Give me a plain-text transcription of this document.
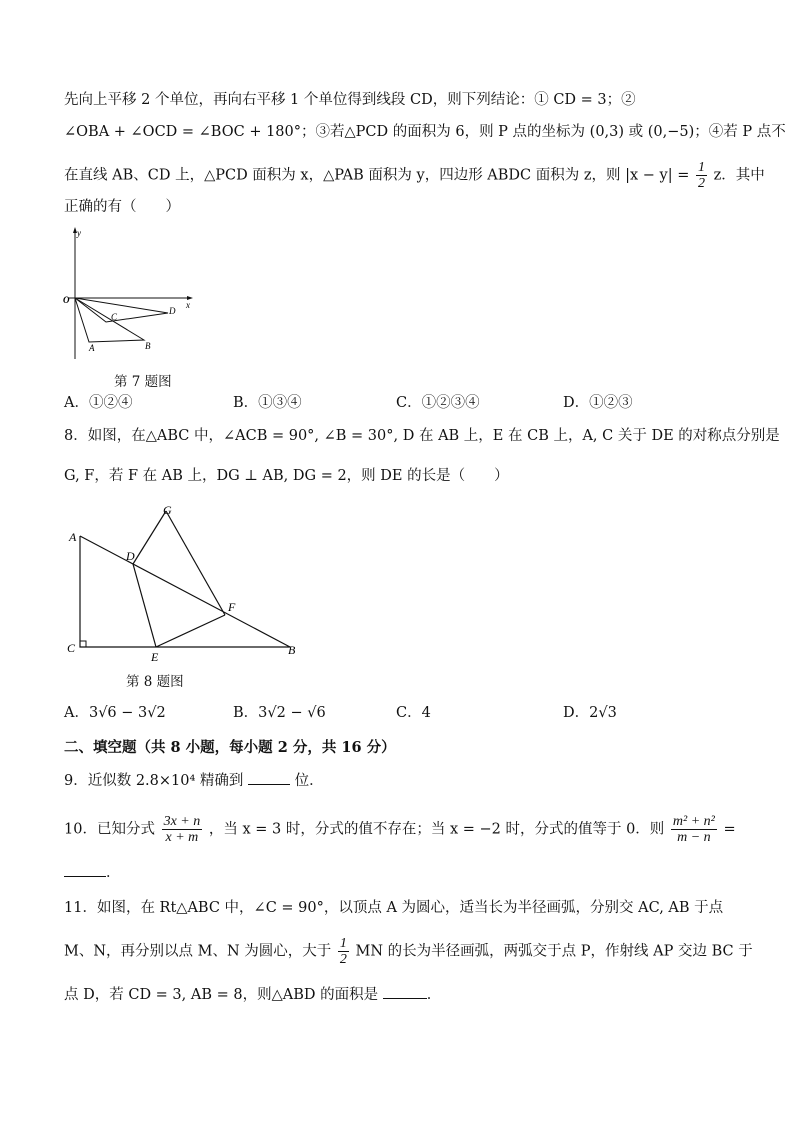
先向上平移 2 个单位，再向右平移 1 个单位得到线段 CD，则下列结论：① CD = 3；②
∠OBA + ∠OCD = ∠BOC + 180°；③若△PCD 的面积为 6，则 P 点的坐标为 (0,3) 或 (0,−5)；④若 P 点不
在直线 AB、CD 上，△PCD 面积为 x，△PAB 面积为 y，四边形 ABDC 面积为 z，则 $|x - y| = \frac{1}{2}$ z．其中
正确的有（　　）
y
x
O
C
D
A	B
第 7 题图
A．①②④	B．①③④	C．①②③④	D．①②③
8．如图，在△ABC 中，∠ACB = 90°, ∠B = 30°, D 在 AB 上，E 在 CB 上，A, C 关于 DE 的对称点分别是
G, F，若 F 在 AB 上，DG ⊥ AB, DG = 2，则 DE 的长是（　　）
A
C
D
G
F
E	B
第 8 题图
A．3√6 − 3√2	B．3√2 − √6	C．4	D．2√3
二、填空题（共 8 小题，每小题 2 分，共 16 分）
9．近似数 2.8×10⁴ 精确到	位．
10．已知分式 $\frac{3x + n}{x + m}$ ，当 x = 3 时，分式的值不存在；当 x = −2 时，分式的值等于 0．则 $\frac{\text{m² + n²}}{m - n}$ =
．
11．如图，在 Rt△ABC 中，∠C = 90°，以顶点 A 为圆心，适当长为半径画弧，分别交 AC, AB 于点
M、N，再分别以点 M、N 为圆心，大于 $\frac{1}{2}$ MN 的长为半径画弧，两弧交于点 P，作射线 AP 交边 BC 于
点 D，若 CD = 3, AB = 8，则△ABD 的面积是	．
